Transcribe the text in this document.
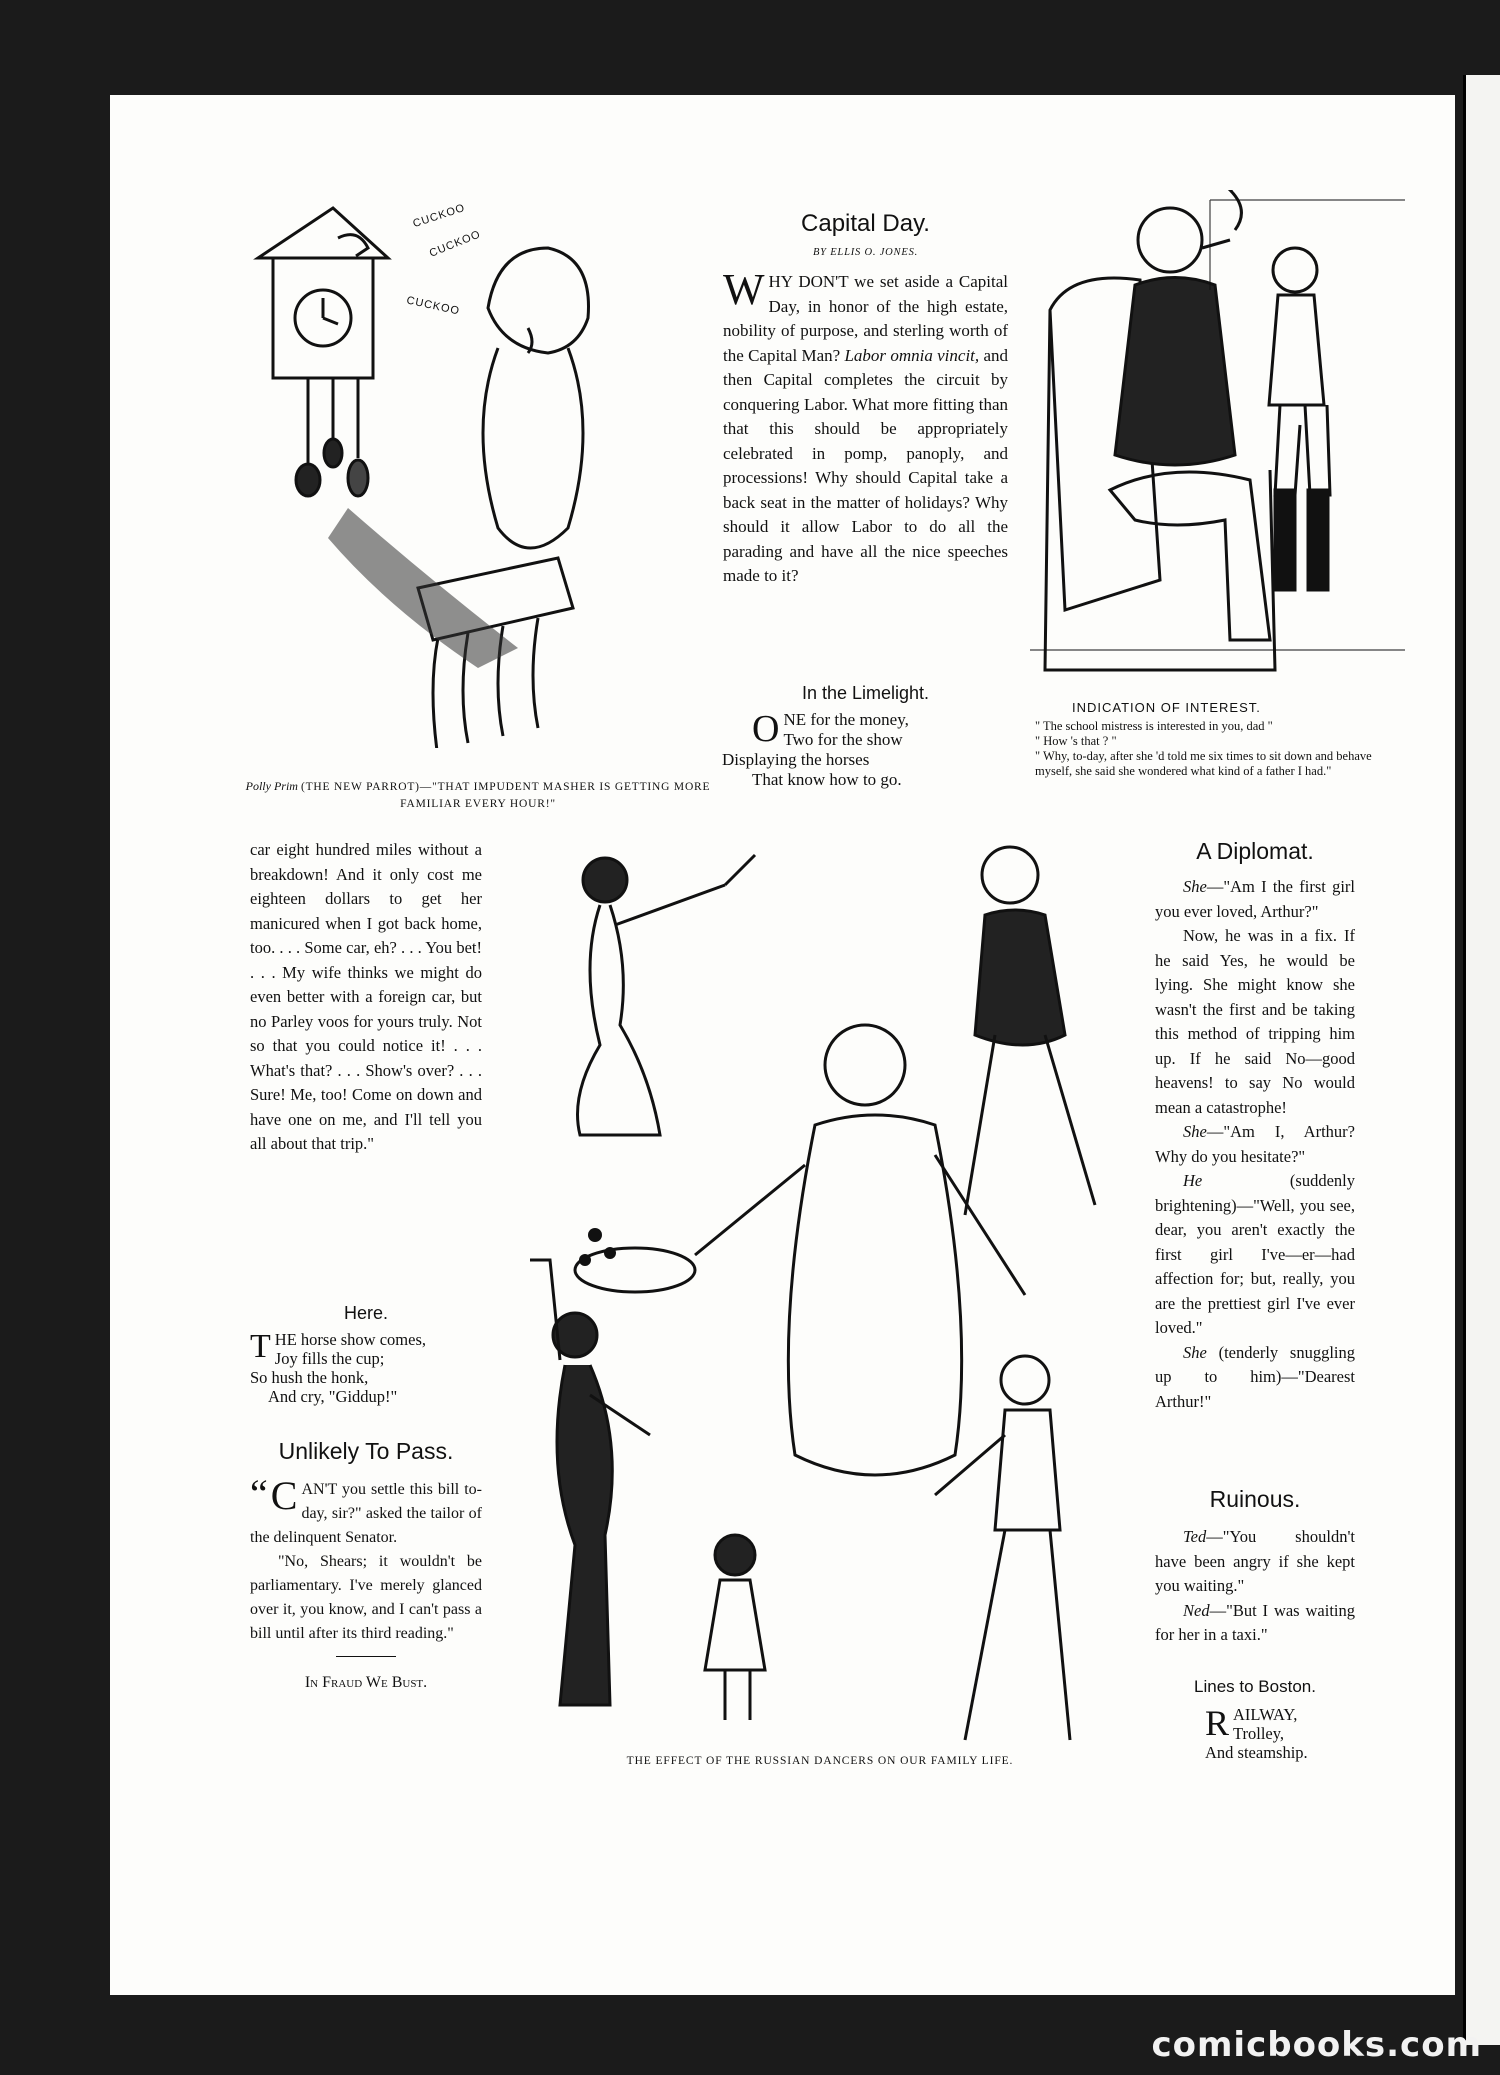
CUCKOO
CUCKOO
CUCKOO
Polly Prim (THE NEW PARROT)—"THAT IMPUDENT MASHER IS GETTING MORE FAMILIAR EVERY HOUR!"
Capital Day.
BY ELLIS O. JONES.
WHY DON'T we set aside a Capital Day, in honor of the high estate, nobility of purpose, and sterling worth of the Capital Man? Labor omnia vincit, and then Capital completes the circuit by conquering Labor. What more fitting than that this should be appropriately celebrated in pomp, panoply, and processions! Why should Capital take a back seat in the matter of holidays? Why should it allow Labor to do all the parading and have all the nice speeches made to it?
In the Limelight.
O NE for the money,

Two for the show

Displaying the horses

That know how to go.

INDICATION OF INTEREST.

" The school mistress is interested in you, dad "

" How 's that ? "

" Why, to-day, after she 'd told me six times to sit down and behave myself, she said she wondered what kind of a father I had."

car eight hundred miles without a breakdown! And it only cost me eighteen dollars to get her manicured when I got back home, too. . . . Some car, eh? . . . You bet! . . . My wife thinks we might do even better with a foreign car, but no Parley voos for yours truly. Not so that you could notice it! . . . What's that? . . . Show's over? . . . Sure! Me, too! Come on down and have one on me, and I'll tell you all about that trip."
Here.
T HE horse show comes,

Joy fills the cup;

So hush the honk,

And cry, "Giddup!"

Unlikely To Pass.

“ C AN'T you settle this bill to-day, sir?" asked the tailor of the delinquent Senator.

"No, Shears; it wouldn't be parliamentary. I've merely glanced over it, you know, and I can't pass a bill until after its third reading."

In Fraud We Bust.

THE EFFECT OF THE RUSSIAN DANCERS ON OUR FAMILY LIFE.
A Diplomat.

She—"Am I the first girl you ever loved, Arthur?"

Now, he was in a fix. If he said Yes, he would be lying. She might know she wasn't the first and be taking this method of tripping him up. If he said No—good heavens! to say No would mean a catastrophe!

She—"Am I, Arthur? Why do you hesitate?"

He	(suddenly brightening)—"Well, you see, dear, you aren't exactly the first girl I've—er—had affection for; but, really, you are the prettiest girl I've ever loved."

She (tenderly snuggling up to him)—"Dearest Arthur!"

Ruinous.

Ted—"You shouldn't have been angry if she kept you waiting."

Ned—"But I was waiting for her in a taxi."

Lines to Boston.
R AILWAY,

Trolley,

And steamship.

comicbooks.com
